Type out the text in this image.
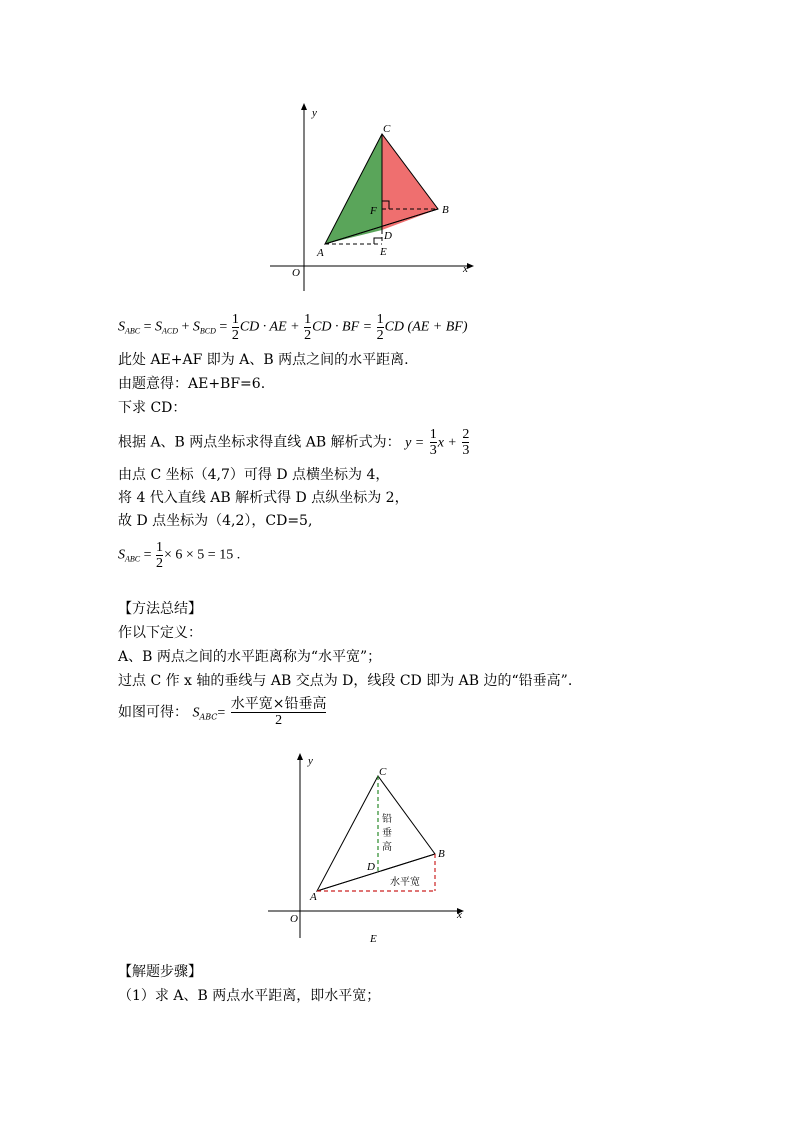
x
y
O
A
B
C
D
E
F
$S_{ABC} = S_{ACD} + S_{BCD} = \frac{1}{2}$ CD · AE + $\frac{1}{2}$ CD · BF = $\frac{1}{2}$ CD (AE + BF)
此处 AE+AF 即为 A、B 两点之间的水平距离.
由题意得：AE+BF=6.
下求 CD：
根据 A、B 两点坐标求得直线 AB 解析式为： $y = \frac{1}{3}$ $x + \frac{2}{3}$
由点 C 坐标（4,7）可得 D 点横坐标为 4，
将 4 代入直线 AB 解析式得 D 点纵坐标为 2，
故 D 点坐标为（4,2），CD=5,
$S_{ABC} = \frac{1}{2} \times 6 \times 5 = 15$ .
【方法总结】
作以下定义：
A、B 两点之间的水平距离称为“水平宽”；
过点 C 作 x 轴的垂线与 AB 交点为 D，线段 CD 即为 AB 边的“铅垂高”.
如图可得： $S_{ABC}= \frac{\text{水平宽×铅垂高}}{2}$
x
y
O
A
B
C
D
铅
垂
高
水平宽
E
【解题步骤】
（1）求 A、B 两点水平距离，即水平宽；
